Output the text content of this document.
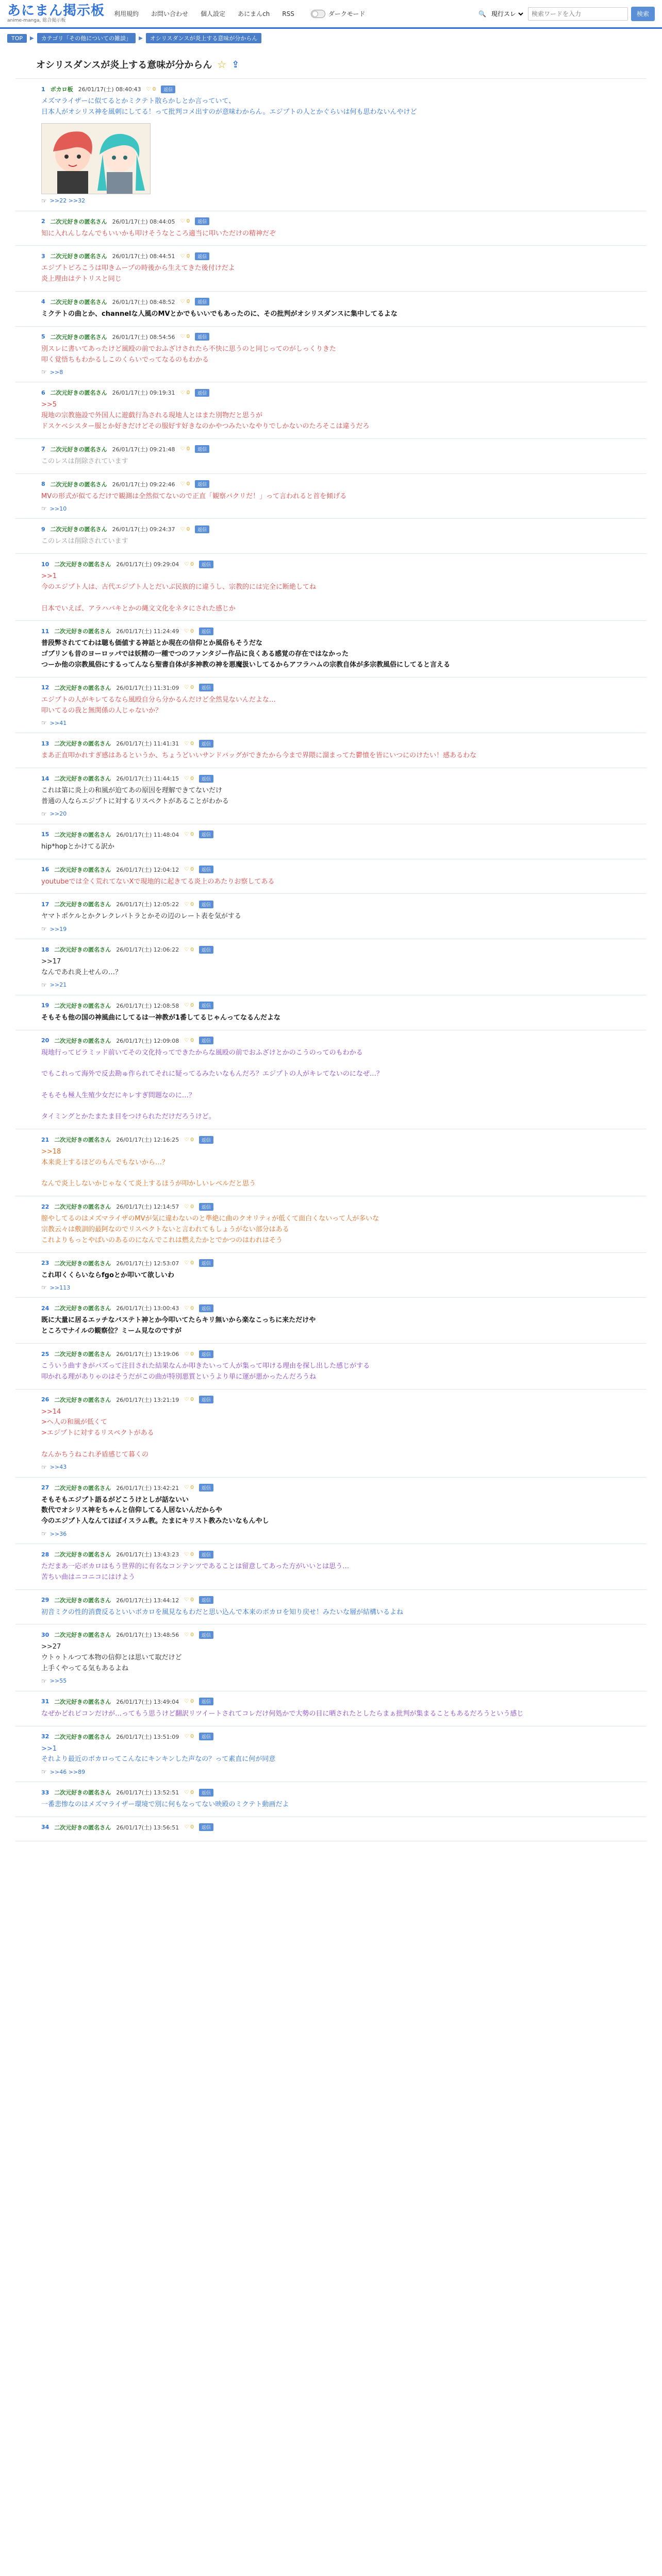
あにまん掲示板
anime-manga, 総合掲示板
利用規約 お問い合わせ 個人設定 あにまんch RSS	ダークモード	🔍
現行スレ
検索ワードを入力	検索
TOP	▶	カテゴリ「その他についての雑談」	▶	オシリスダンスが炎上する意味が分からん
オシリスダンスが炎上する意味が分からん ☆ ⇪
1 ボカロ板 26/01/17(土) 08:40:43 ♡ 0	返信
メズマライザーに似てるとかミクテト散らかしとか言っていて、
日本人がオシリス神を風刺にしてる！って批判コメ出すのが意味わからん。エジプトの人とかぐらいは何も思わないんやけど
☞ >>22 >>32
2 二次元好きの匿名さん 26/01/17(土) 08:44:05 ♡ 0	返信
知に入れんしなんでもいいかも叩けそうなところ適当に叩いただけの精神だぞ
3 二次元好きの匿名さん 26/01/17(土) 08:44:51 ♡ 0	返信
エジプトピろこうは叩きムープの時後から生えてきた後付けだよ
炎上理由はテトリスと同じ
4 二次元好きの匿名さん 26/01/17(土) 08:48:52 ♡ 0	返信
ミクテトの曲とか、channelな人風のMVとかでもいいでもあったのに、その批判がオシリスダンスに集中してるよな
5 二次元好きの匿名さん 26/01/17(土) 08:54:56 ♡ 0	返信
別スレに書いてあったけど風殴の前でおふざけされたら不快に思うのと同じってのがしっくりきた
叩く覚悟ちもわかるしこのくらいでってなるのもわかる
☞ >>8
6 二次元好きの匿名さん 26/01/17(土) 09:19:31 ♡ 0	返信
>>5
現地の宗教施設で外国人に遊戯行為される現地人とはまた別物だと思うが
ドスケベシスター服とか好きだけどその服好す好きなのかやつみたいなやりでしかないのたろそこは違うだろ
7 二次元好きの匿名さん 26/01/17(土) 09:21:48 ♡ 0	返信
このレスは削除されています
8 二次元好きの匿名さん 26/01/17(土) 09:22:46 ♡ 0	返信
MVの形式が似てるだけで観測は全然似てないので正直「観察パクリだ！」って言われると首を傾げる
☞ >>10
9 二次元好きの匿名さん 26/01/17(土) 09:24:37 ♡ 0	返信
このレスは削除されています
10 二次元好きの匿名さん 26/01/17(土) 09:29:04 ♡ 0	返信
>>1
今のエジプト人は、古代エジプト人とだいぶ民族的に違うし、宗教的には完全に断絶してね

日本でいえば、アラハバキとかの縄文文化をネタにされた感じか
11 二次元好きの匿名さん 26/01/17(土) 11:24:49 ♡ 0	返信
普段弊されててわは聴も価値する神話とか現在の信仰とか風俗もそうだな
ゴブリンも昔のヨーロッパでは妖精の一種でつのファンタジー作品に良くある感覚の存在ではなかった
つーか他の宗教風俗にするってんなら聖書自体が多神教の神を悪魔扱いしてるからアフラハムの宗教自体が多宗教風俗にしてると言える
12 二次元好きの匿名さん 26/01/17(土) 11:31:09 ♡ 0	返信
エジプトの人がキレてるなら風殴自分ら分かるんだけど全然見ないんだよな…
叩いてるの我と無関係の人じゃないか？
☞ >>41
13 二次元好きの匿名さん 26/01/17(土) 11:41:31 ♡ 0	返信
まあ正直叩かれすぎ感はあるというか、ちょうどいいサンドバッグができたから今まで界隈に溜まってた鬱憤を皆にいつにのけたい！感あるわな
14 二次元好きの匿名さん 26/01/17(土) 11:44:15 ♡ 0	返信
これは第に炎上の和風が迫てあの原因を理解できてないだけ
普通の人ならエジプトに対するリスペクトがあることがわかる
☞ >>20
15 二次元好きの匿名さん 26/01/17(土) 11:48:04 ♡ 0	返信
hip*hopとかけてる訳か
16 二次元好きの匿名さん 26/01/17(土) 12:04:12 ♡ 0	返信
youtubeでは全く荒れてないXで現地的に起きてる炎上のあたりお察してある
17 二次元好きの匿名さん 26/01/17(土) 12:05:22 ♡ 0	返信
ヤマトポケルとかクレクレパトラとかその辺のレート表を気がする
☞ >>19
18 二次元好きの匿名さん 26/01/17(土) 12:06:22 ♡ 0	返信
>>17
なんであれ炎上せんの…？
☞ >>21
19 二次元好きの匿名さん 26/01/17(土) 12:08:58 ♡ 0	返信
そもそも他の国の神風曲にしてるは一神教が1番してるじゃんってなるんだよな
20 二次元好きの匿名さん 26/01/17(土) 12:09:08 ♡ 0	返信
現地行ってピラミッド前いてその文化持ってできたからな風殴の前でおふざけとかのこうのってのもわかる

でもこれって海外で反去勘ゅ作られてそれに疑ってるみたいなもんだろ？エジプトの人がキレてないのになぜ…？

そもそも極人生殖少女だにキレすぎ問題なのに…？

タイミングとかたまたま目をつけられただけだろうけど。
21 二次元好きの匿名さん 26/01/17(土) 12:16:25 ♡ 0	返信
>>18
本来炎上するほどのもんでもないから…？

なんで炎上しないかじゃなくて炎上するほうが叩かしいレベルだと思う
22 二次元好きの匿名さん 26/01/17(土) 12:14:57 ♡ 0	返信
膣やしてるのはメズマライザのMVが気に違わないのと準絶に曲のクオリティが低くて面白くないって人が多いな
宗教云々は敷訓的最阿なのでリスペクトないと言われてもしょうがない部分はある
これよりもっとやばいのあるのになんでこれは燃えたかとでかつのはわれはそう
23 二次元好きの匿名さん 26/01/17(土) 12:53:07 ♡ 0	返信
これ叩くくらいならfgoとか叩いて欲しいわ
☞ >>113
24 二次元好きの匿名さん 26/01/17(土) 13:00:43 ♡ 0	返信
既に大量に居るエッチなバステト神とか今叩いてたらキリ無いから楽なこっちに来ただけや
ところでナイルの観察位？ミーム見なのですが
25 二次元好きの匿名さん 26/01/17(土) 13:19:06 ♡ 0	返信
こういう曲すきがバズって注目された結果なんか叩きたいって人が集って叩ける理由を探し出した感じがする
叩かれる理がありゃのはそうだがこの曲が特別悪質というより単に運が悪かったんだろうね
26 二次元好きの匿名さん 26/01/17(土) 13:21:19 ♡ 0	返信
>>14
>ヘ人の和風が低くて
>エジプトに対するリスペクトがある

なんかちうねこれ矛盾感じて暮くの
☞ >>43
27 二次元好きの匿名さん 26/01/17(土) 13:42:21 ♡ 0	返信
そもそもエジプト語るがどこうけとしが話ないい
数代でオシリス神をちゃんと信仰してる人居ないんだからや
今のエジプト人なんてほぼイスラム教。たまにキリスト教みたいなもんやし
☞ >>36
28 二次元好きの匿名さん 26/01/17(土) 13:43:23 ♡ 0	返信
ただまあ一応ボカロはもう世界的に有名なコンテンツであることは留意してあった方がいいとは思う…
苦ちい曲はニコニコにはけよう
29 二次元好きの匿名さん 26/01/17(土) 13:44:12 ♡ 0	返信
初音ミクの性的消費反るといいボカロを風見なもわだと思い込んで本来のボカロを知り戻せ！みたいな層が結構いるよね
30 二次元好きの匿名さん 26/01/17(土) 13:48:56 ♡ 0	返信
>>27
ウトゥトルつて本物の信仰とは思いて取だけど
上手くやってる気もあるよね
☞ >>55
31 二次元好きの匿名さん 26/01/17(土) 13:49:04 ♡ 0	返信
なぜかどれピコンだけが…ってもう思うけど翻訳リツイートされてコレだけ何処かで大勢の目に晒されたとしたらまぁ批判が集まることもあるだろうという感じ
32 二次元好きの匿名さん 26/01/17(土) 13:51:09 ♡ 0	返信
>>1
それより最近のボカロってこんなにキンキンした声なの？って素直に何が同意
☞ >>46 >>89
33 二次元好きの匿名さん 26/01/17(土) 13:52:51 ♡ 0	返信
一番悲惨なのはメズマライザー環境で別に何もなってない映殿のミクテト動画だよ
34 二次元好きの匿名さん 26/01/17(土) 13:56:51 ♡ 0	返信
